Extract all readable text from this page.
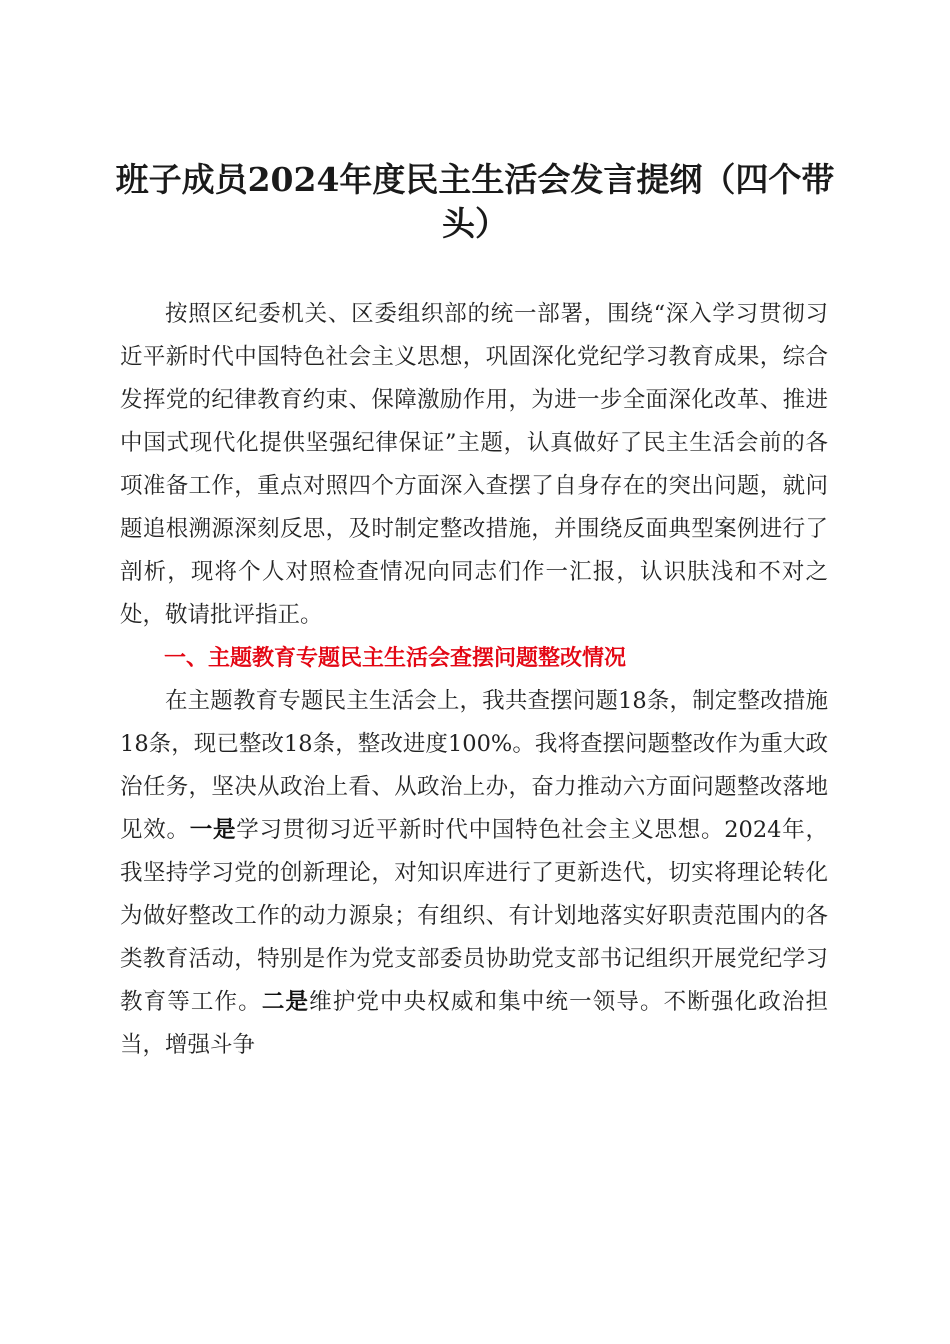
班子成员2024年度民主生活会发言提纲（四个带头）

按照区纪委机关、区委组织部的统一部署，围绕“深入学习贯彻习近平新时代中国特色社会主义思想，巩固深化党纪学习教育成果，综合发挥党的纪律教育约束、保障激励作用，为进一步全面深化改革、推进中国式现代化提供坚强纪律保证”主题，认真做好了民主生活会前的各项准备工作，重点对照四个方面深入查摆了自身存在的突出问题，就问题追根溯源深刻反思，及时制定整改措施，并围绕反面典型案例进行了剖析，现将个人对照检查情况向同志们作一汇报，认识肤浅和不对之处，敬请批评指正。

一、主题教育专题民主生活会查摆问题整改情况

在主题教育专题民主生活会上，我共查摆问题18条，制定整改措施18条，现已整改18条，整改进度100%。我将查摆问题整改作为重大政治任务，坚决从政治上看、从政治上办，奋力推动六方面问题整改落地见效。一是学习贯彻习近平新时代中国特色社会主义思想。2024年，我坚持学习党的创新理论，对知识库进行了更新迭代，切实将理论转化为做好整改工作的动力源泉；有组织、有计划地落实好职责范围内的各类教育活动，特别是作为党支部委员协助党支部书记组织开展党纪学习教育等工作。二是维护党中央权威和集中统一领导。不断强化政治担当，增强斗争
